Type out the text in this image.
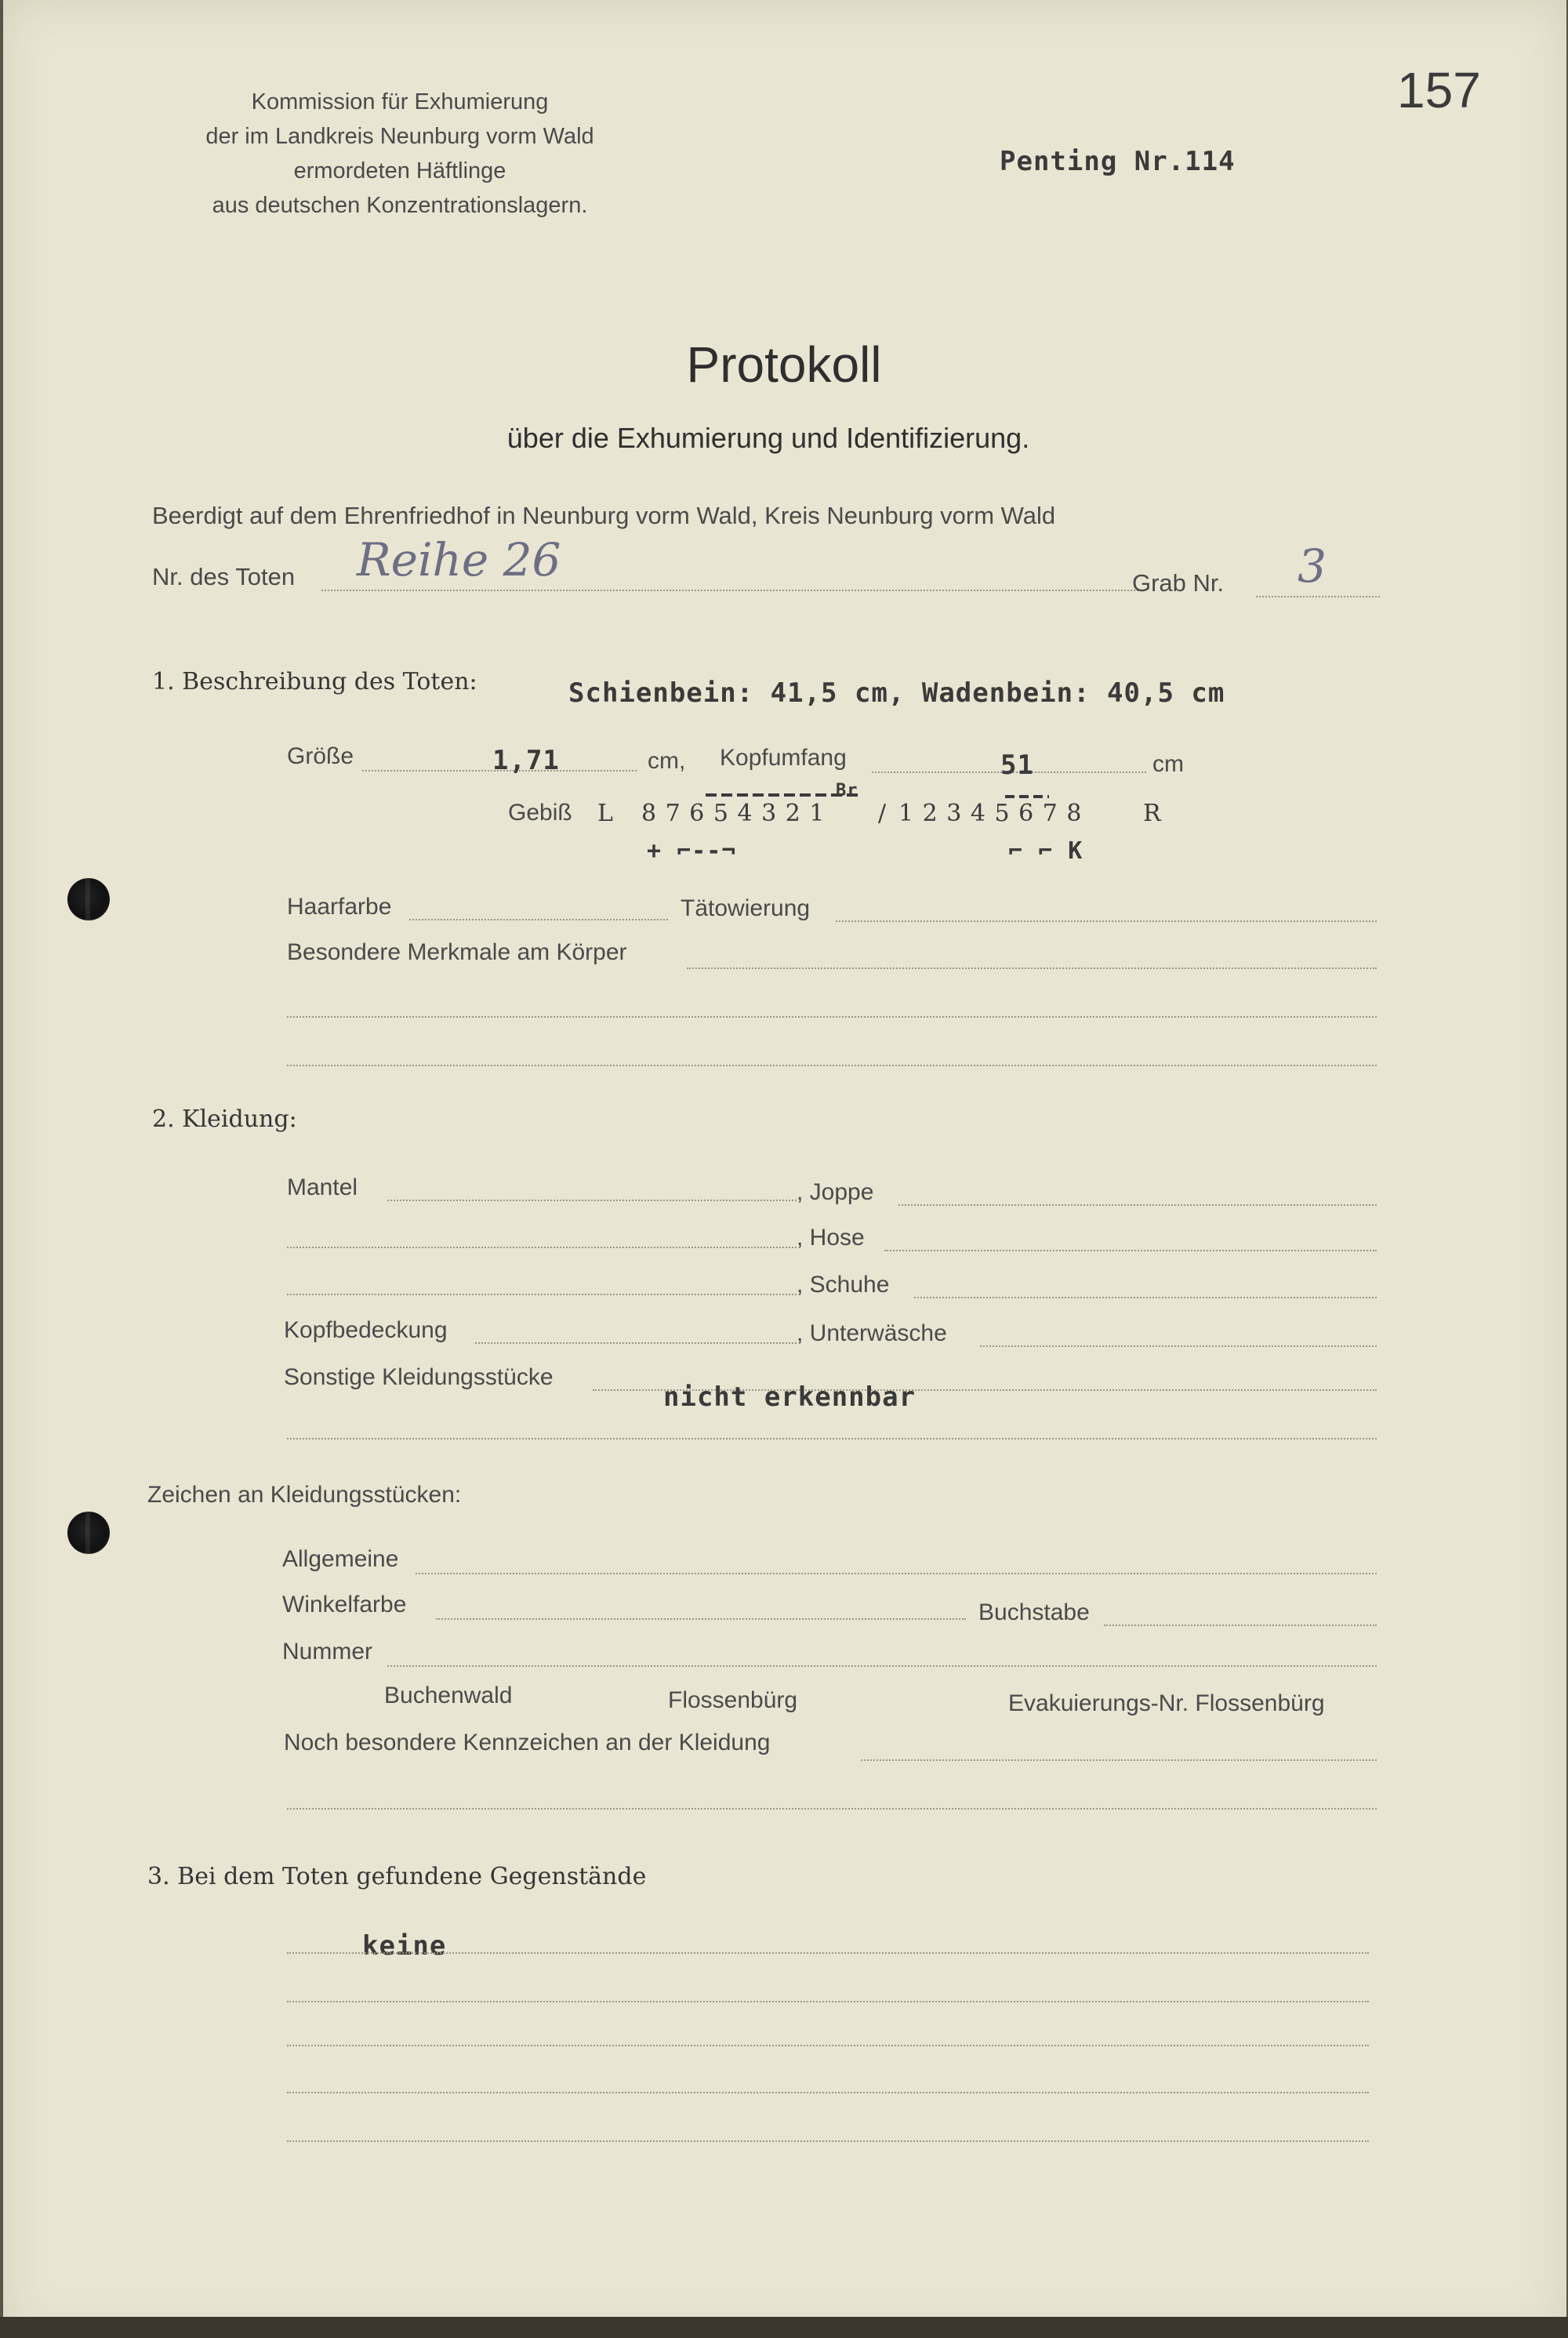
157
Kommission für Exhumierung
der im Landkreis Neunburg vorm Wald
ermordeten Häftlinge
aus deutschen Konzentrationslagern.
Penting Nr.114
Protokoll
über die Exhumierung und Identifizierung.
Beerdigt auf dem Ehrenfriedhof in Neunburg vorm Wald, Kreis Neunburg vorm Wald
Nr. des Toten Reihe 26	Grab Nr. 3
1. Beschreibung des Toten:	Schienbein: 41,5 cm, Wadenbein: 40,5 cm
Größe	1,71	cm, Kopfumfang	51	cm
Gebiß L 8 7 6 5 4 3 2 1 / 1 2 3 4 5 6 7 8	R
Br
+ ⌐--¬	⌐ ⌐ K
Haarfarbe	Tätowierung
Besondere Merkmale am Körper
2. Kleidung:
Mantel	, Joppe
, Hose
, Schuhe
Kopfbedeckung	, Unterwäsche
Sonstige Kleidungsstücke
nicht erkennbar
Zeichen an Kleidungsstücken:
Allgemeine
Winkelfarbe	Buchstabe
Nummer
Buchenwald	Flossenbürg	Evakuierungs-Nr. Flossenbürg
Noch besondere Kennzeichen an der Kleidung
3. Bei dem Toten gefundene Gegenstände
keine
